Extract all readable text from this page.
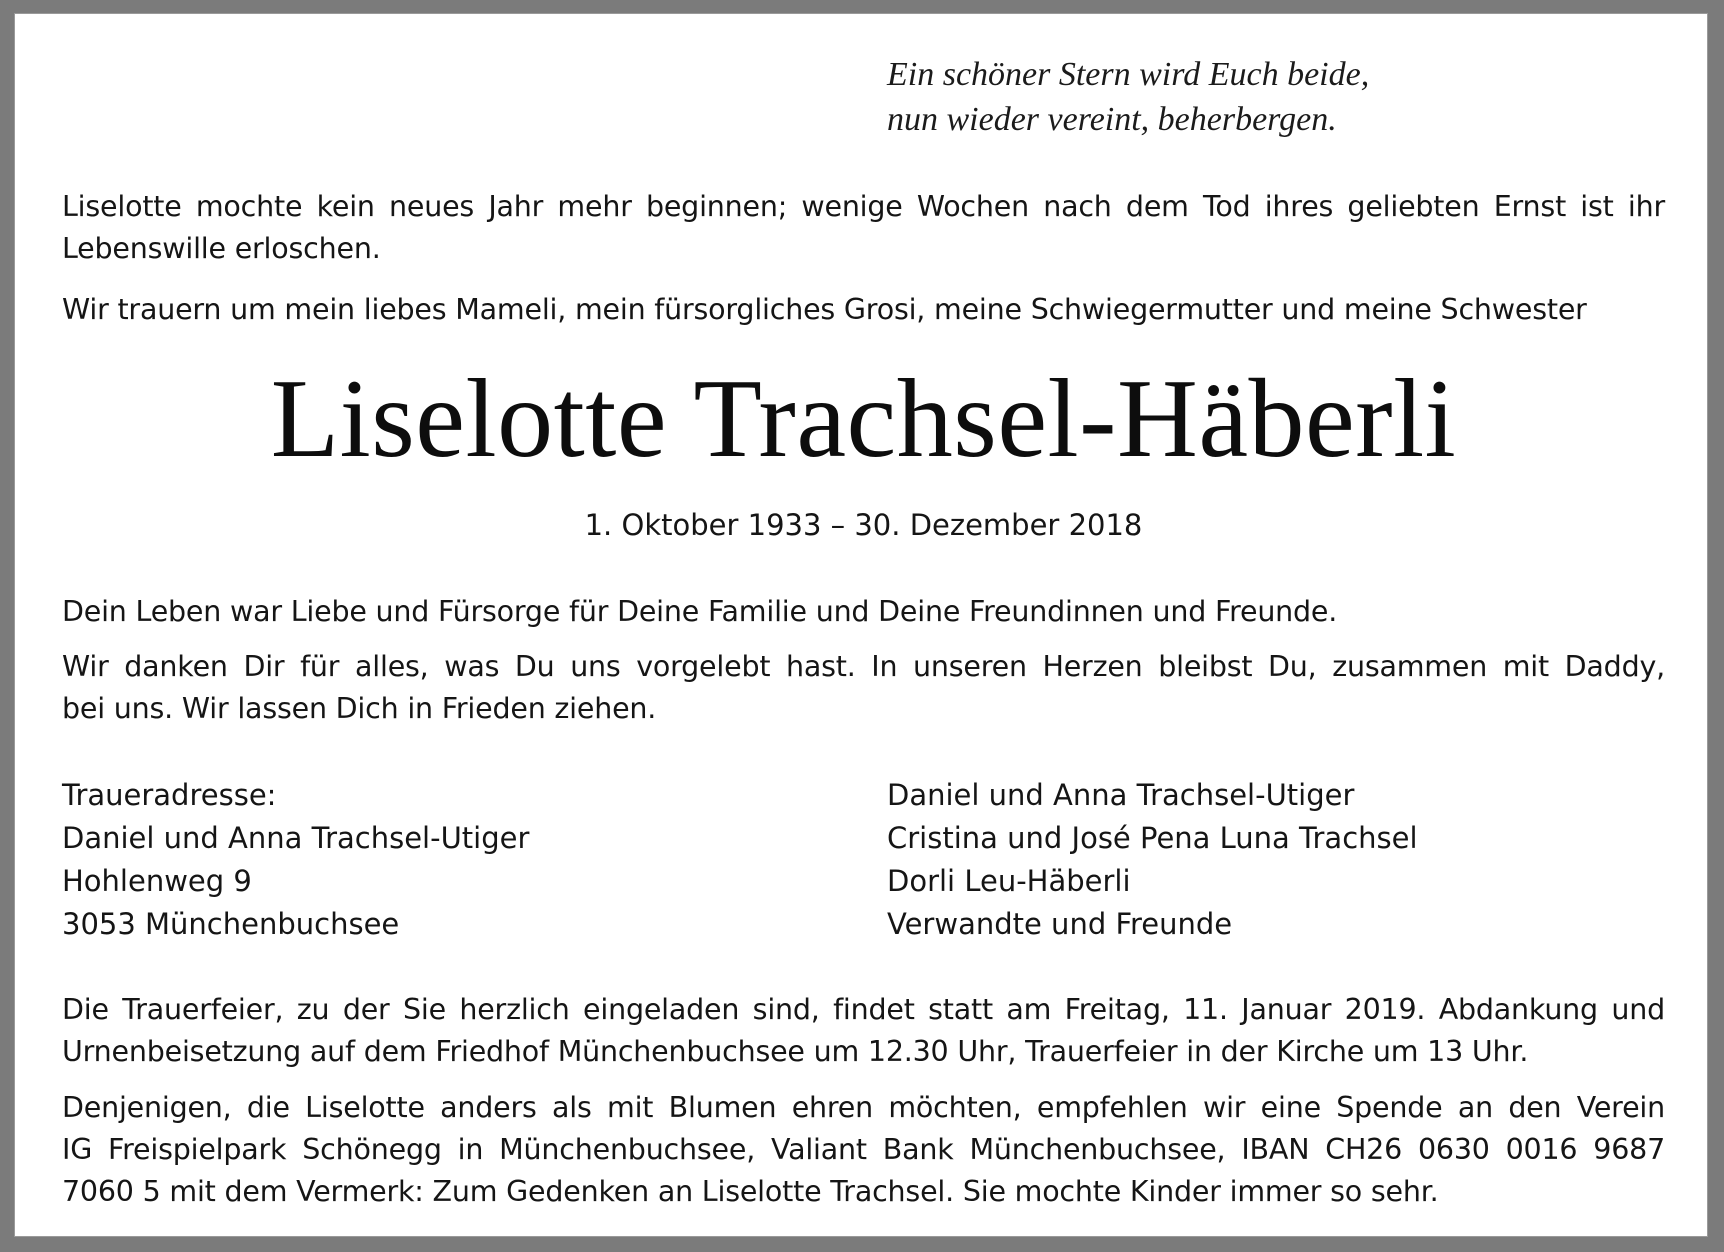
Ein schöner Stern wird Euch beide,
nun wieder vereint, beherbergen.
Liselotte mochte kein neues Jahr mehr beginnen; wenige Wochen nach dem Tod ihres geliebten Ernst ist ihr
Lebenswille erloschen.
Wir trauern um mein liebes Mameli, mein fürsorgliches Grosi, meine Schwiegermutter und meine Schwester
Liselotte Trachsel-Häberli
1. Oktober 1933 – 30. Dezember 2018
Dein Leben war Liebe und Fürsorge für Deine Familie und Deine Freundinnen und Freunde.
Wir danken Dir für alles, was Du uns vorgelebt hast. In unseren Herzen bleibst Du, zusammen mit Daddy,
bei uns. Wir lassen Dich in Frieden ziehen.
Traueradresse:
Daniel und Anna Trachsel-Utiger
Hohlenweg 9
3053 Münchenbuchsee
Daniel und Anna Trachsel-Utiger
Cristina und José Pena Luna Trachsel
Dorli Leu-Häberli
Verwandte und Freunde
Die Trauerfeier, zu der Sie herzlich eingeladen sind, findet statt am Freitag, 11. Januar 2019. Abdankung und
Urnenbeisetzung auf dem Friedhof Münchenbuchsee um 12.30 Uhr, Trauerfeier in der Kirche um 13 Uhr.
Denjenigen, die Liselotte anders als mit Blumen ehren möchten, empfehlen wir eine Spende an den Verein
IG Freispielpark Schönegg in Münchenbuchsee, Valiant Bank Münchenbuchsee, IBAN CH26 0630 0016 9687
7060 5 mit dem Vermerk: Zum Gedenken an Liselotte Trachsel. Sie mochte Kinder immer so sehr.
